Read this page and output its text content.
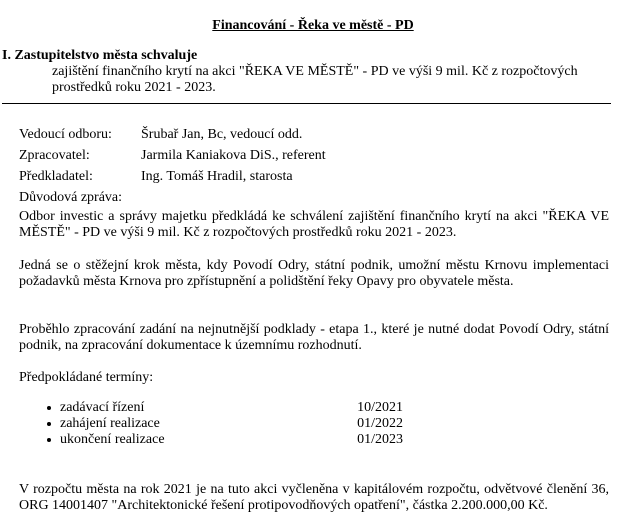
Financování - Řeka ve městě - PD
I. Zastupitelstvo města schvaluje
zajištění finančního krytí na akci "ŘEKA VE MĚSTĚ" - PD ve výši 9 mil. Kč z rozpočtových prostředků roku 2021 - 2023.
Vedoucí odboru: Šrubař Jan, Bc, vedoucí odd.
Zpracovatel:	Jarmila Kaniakova DiS., referent
Předkladatel:	Ing. Tomáš Hradil, starosta
Důvodová zpráva:

Odbor investic a správy majetku předkládá ke schválení zajištění finančního krytí na akci "ŘEKA VE MĚSTĚ" - PD ve výši 9 mil. Kč z rozpočtových prostředků roku 2021 - 2023.

Jedná se o stěžejní krok města, kdy Povodí Odry, státní podnik, umožní městu Krnovu implementaci požadavků města Krnova pro zpřístupnění a polidštění řeky Opavy pro obyvatele města.

Proběhlo zpracování zadání na nejnutnější podklady - etapa 1., které je nutné dodat Povodí Odry, státní podnik, na zpracování dokumentace k územnímu rozhodnutí.

Předpokládané termíny:
zadávací řízení	10/2021
zahájení realizace	01/2022
ukončení realizace	01/2023

V rozpočtu města na rok 2021 je na tuto akci vyčleněna v kapitálovém rozpočtu, odvětvové členění 36, ORG 14001407 "Architektonické řešení protipovodňových opatření", částka 2.200.000,00 Kč.
